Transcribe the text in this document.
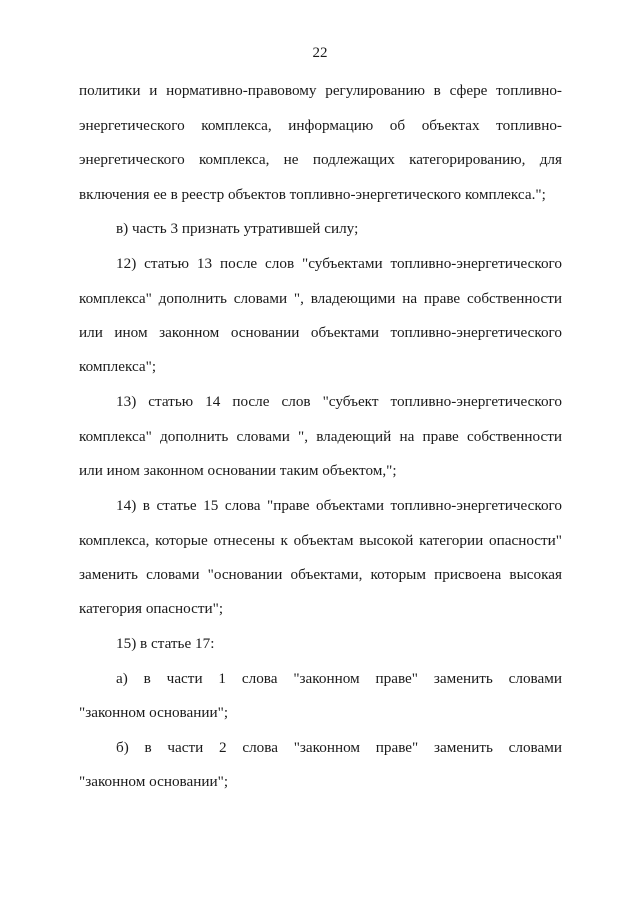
22
политики и нормативно-правовому регулированию в сфере топливно-
энергетического комплекса, информацию об объектах топливно-
энергетического комплекса, не подлежащих категорированию, для
включения ее в реестр объектов топливно-энергетического комплекса.";
в) часть 3 признать утратившей силу;
12) статью 13 после слов "субъектами топливно-энергетического
комплекса" дополнить словами ", владеющими на праве собственности
или ином законном основании объектами топливно-энергетического
комплекса";
13) статью 14 после слов "субъект топливно-энергетического
комплекса" дополнить словами ", владеющий на праве собственности
или ином законном основании таким объектом,";
14) в статье 15 слова "праве объектами топливно-энергетического
комплекса, которые отнесены к объектам высокой категории опасности"
заменить словами "основании объектами, которым присвоена высокая
категория опасности";
15) в статье 17:
а) в части 1 слова "законном праве" заменить словами
"законном основании";
б) в части 2 слова "законном праве" заменить словами
"законном основании";
